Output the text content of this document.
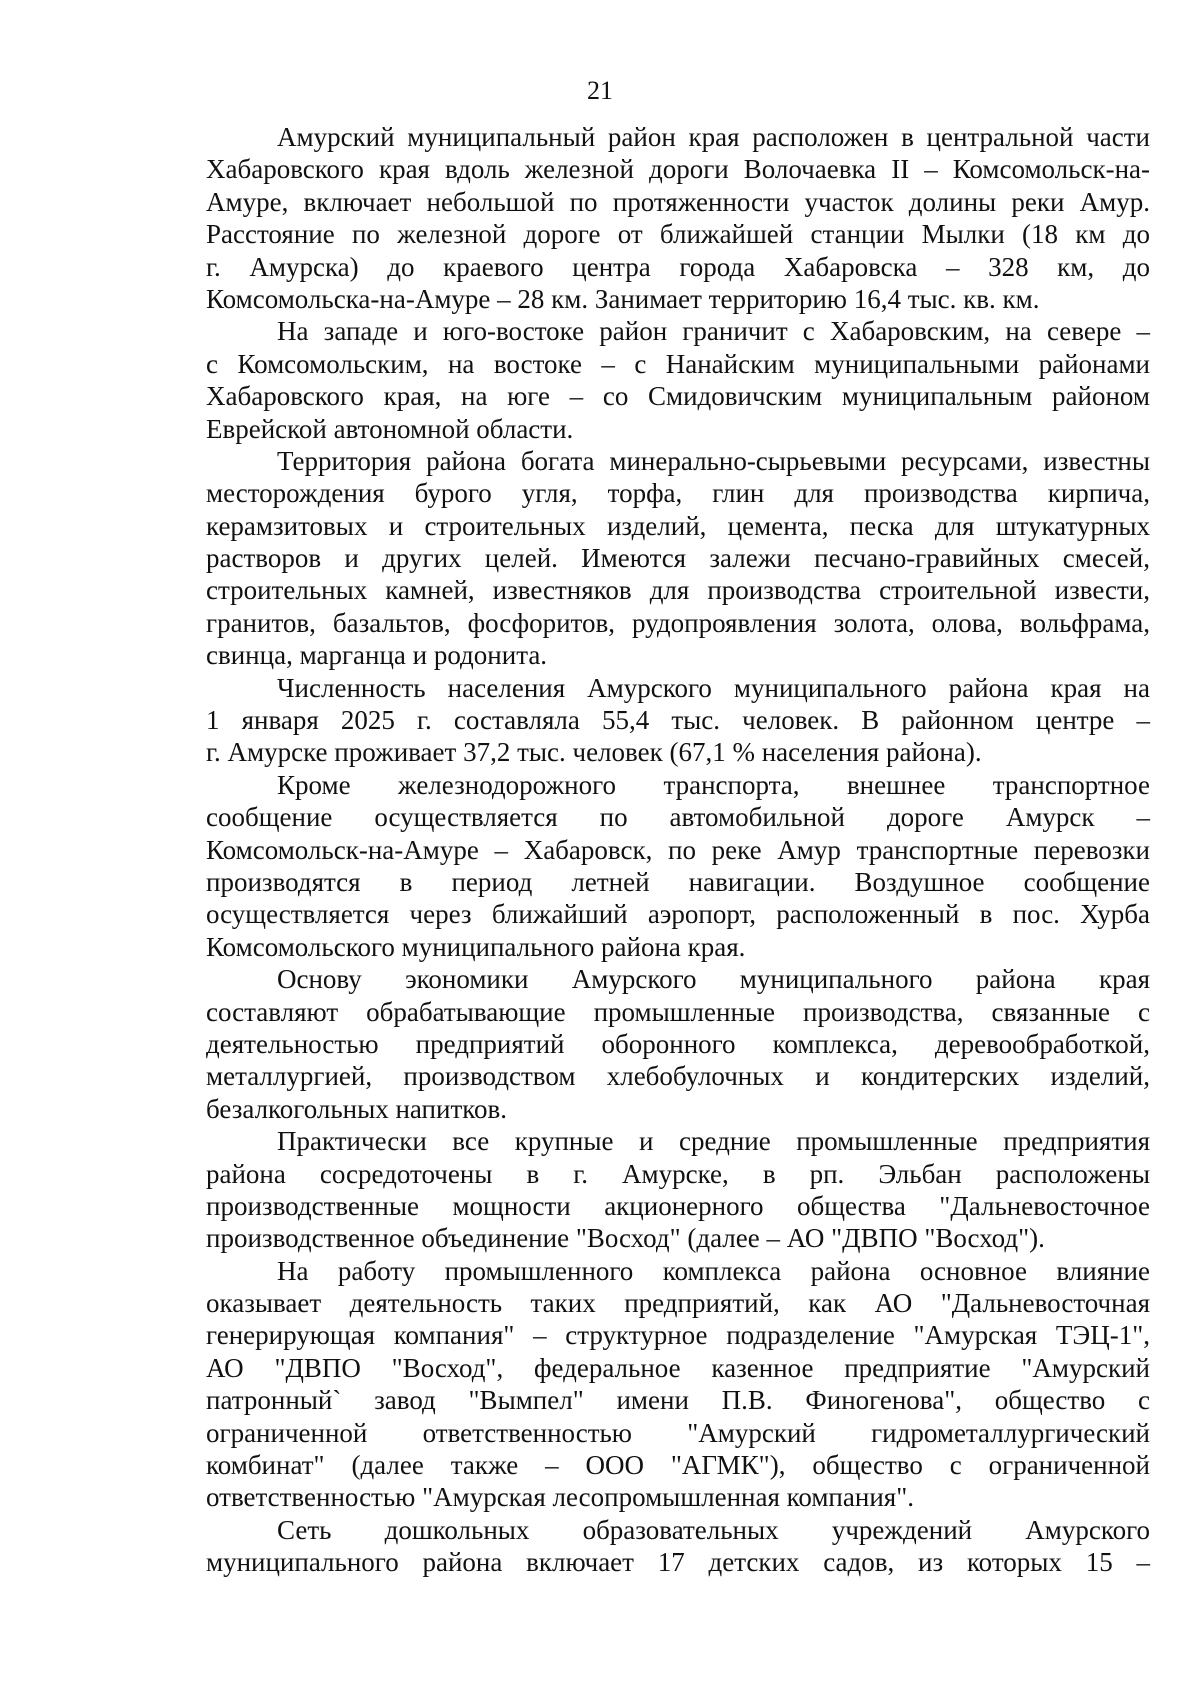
21
Амурский муниципальный район края расположен в центральной части
Хабаровского края вдоль железной дороги Волочаевка II – Комсомольск-на-
Амуре, включает небольшой по протяженности участок долины реки Амур.
Расстояние по железной дороге от ближайшей станции Мылки (18 км до
г. Амурска) до краевого центра города Хабаровска – 328 км, до
Комсомольска-на-Амуре – 28 км. Занимает территорию 16,4 тыс. кв. км.
На западе и юго-востоке район граничит с Хабаровским, на севере –
с Комсомольским, на востоке – с Нанайским муниципальными районами
Хабаровского края, на юге – со Смидовичским муниципальным районом
Еврейской автономной области.
Территория района богата минерально-сырьевыми ресурсами, известны
месторождения бурого угля, торфа, глин для производства кирпича,
керамзитовых и строительных изделий, цемента, песка для штукатурных
растворов и других целей. Имеются залежи песчано-гравийных смесей,
строительных камней, известняков для производства строительной извести,
гранитов, базальтов, фосфоритов, рудопроявления золота, олова, вольфрама,
свинца, марганца и родонита.
Численность населения Амурского муниципального района края на
1 января 2025 г. составляла 55,4 тыс. человек. В районном центре –
г. Амурске проживает 37,2 тыс. человек (67,1 % населения района).
Кроме железнодорожного транспорта, внешнее транспортное
сообщение осуществляется по автомобильной дороге Амурск –
Комсомольск-на-Амуре – Хабаровск, по реке Амур транспортные перевозки
производятся в период летней навигации. Воздушное сообщение
осуществляется через ближайший аэропорт, расположенный в пос. Хурба
Комсомольского муниципального района края.
Основу экономики Амурского муниципального района края
составляют обрабатывающие промышленные производства, связанные с
деятельностью предприятий оборонного комплекса, деревообработкой,
металлургией, производством хлебобулочных и кондитерских изделий,
безалкогольных напитков.
Практически все крупные и средние промышленные предприятия
района сосредоточены в г. Амурске, в рп. Эльбан расположены
производственные мощности акционерного общества "Дальневосточное
производственное объединение "Восход" (далее – АО "ДВПО "Восход").
На работу промышленного комплекса района основное влияние
оказывает деятельность таких предприятий, как АО "Дальневосточная
генерирующая компания" – структурное подразделение "Амурская ТЭЦ-1",
АО "ДВПО "Восход", федеральное казенное предприятие "Амурский
патронный` завод "Вымпел" имени П.В. Финогенова", общество с
ограниченной ответственностью "Амурский гидрометаллургический
комбинат" (далее также – ООО "АГМК"), общество с ограниченной
ответственностью "Амурская лесопромышленная компания".
Сеть дошкольных образовательных учреждений Амурского
муниципального района включает 17 детских садов, из которых 15 –
